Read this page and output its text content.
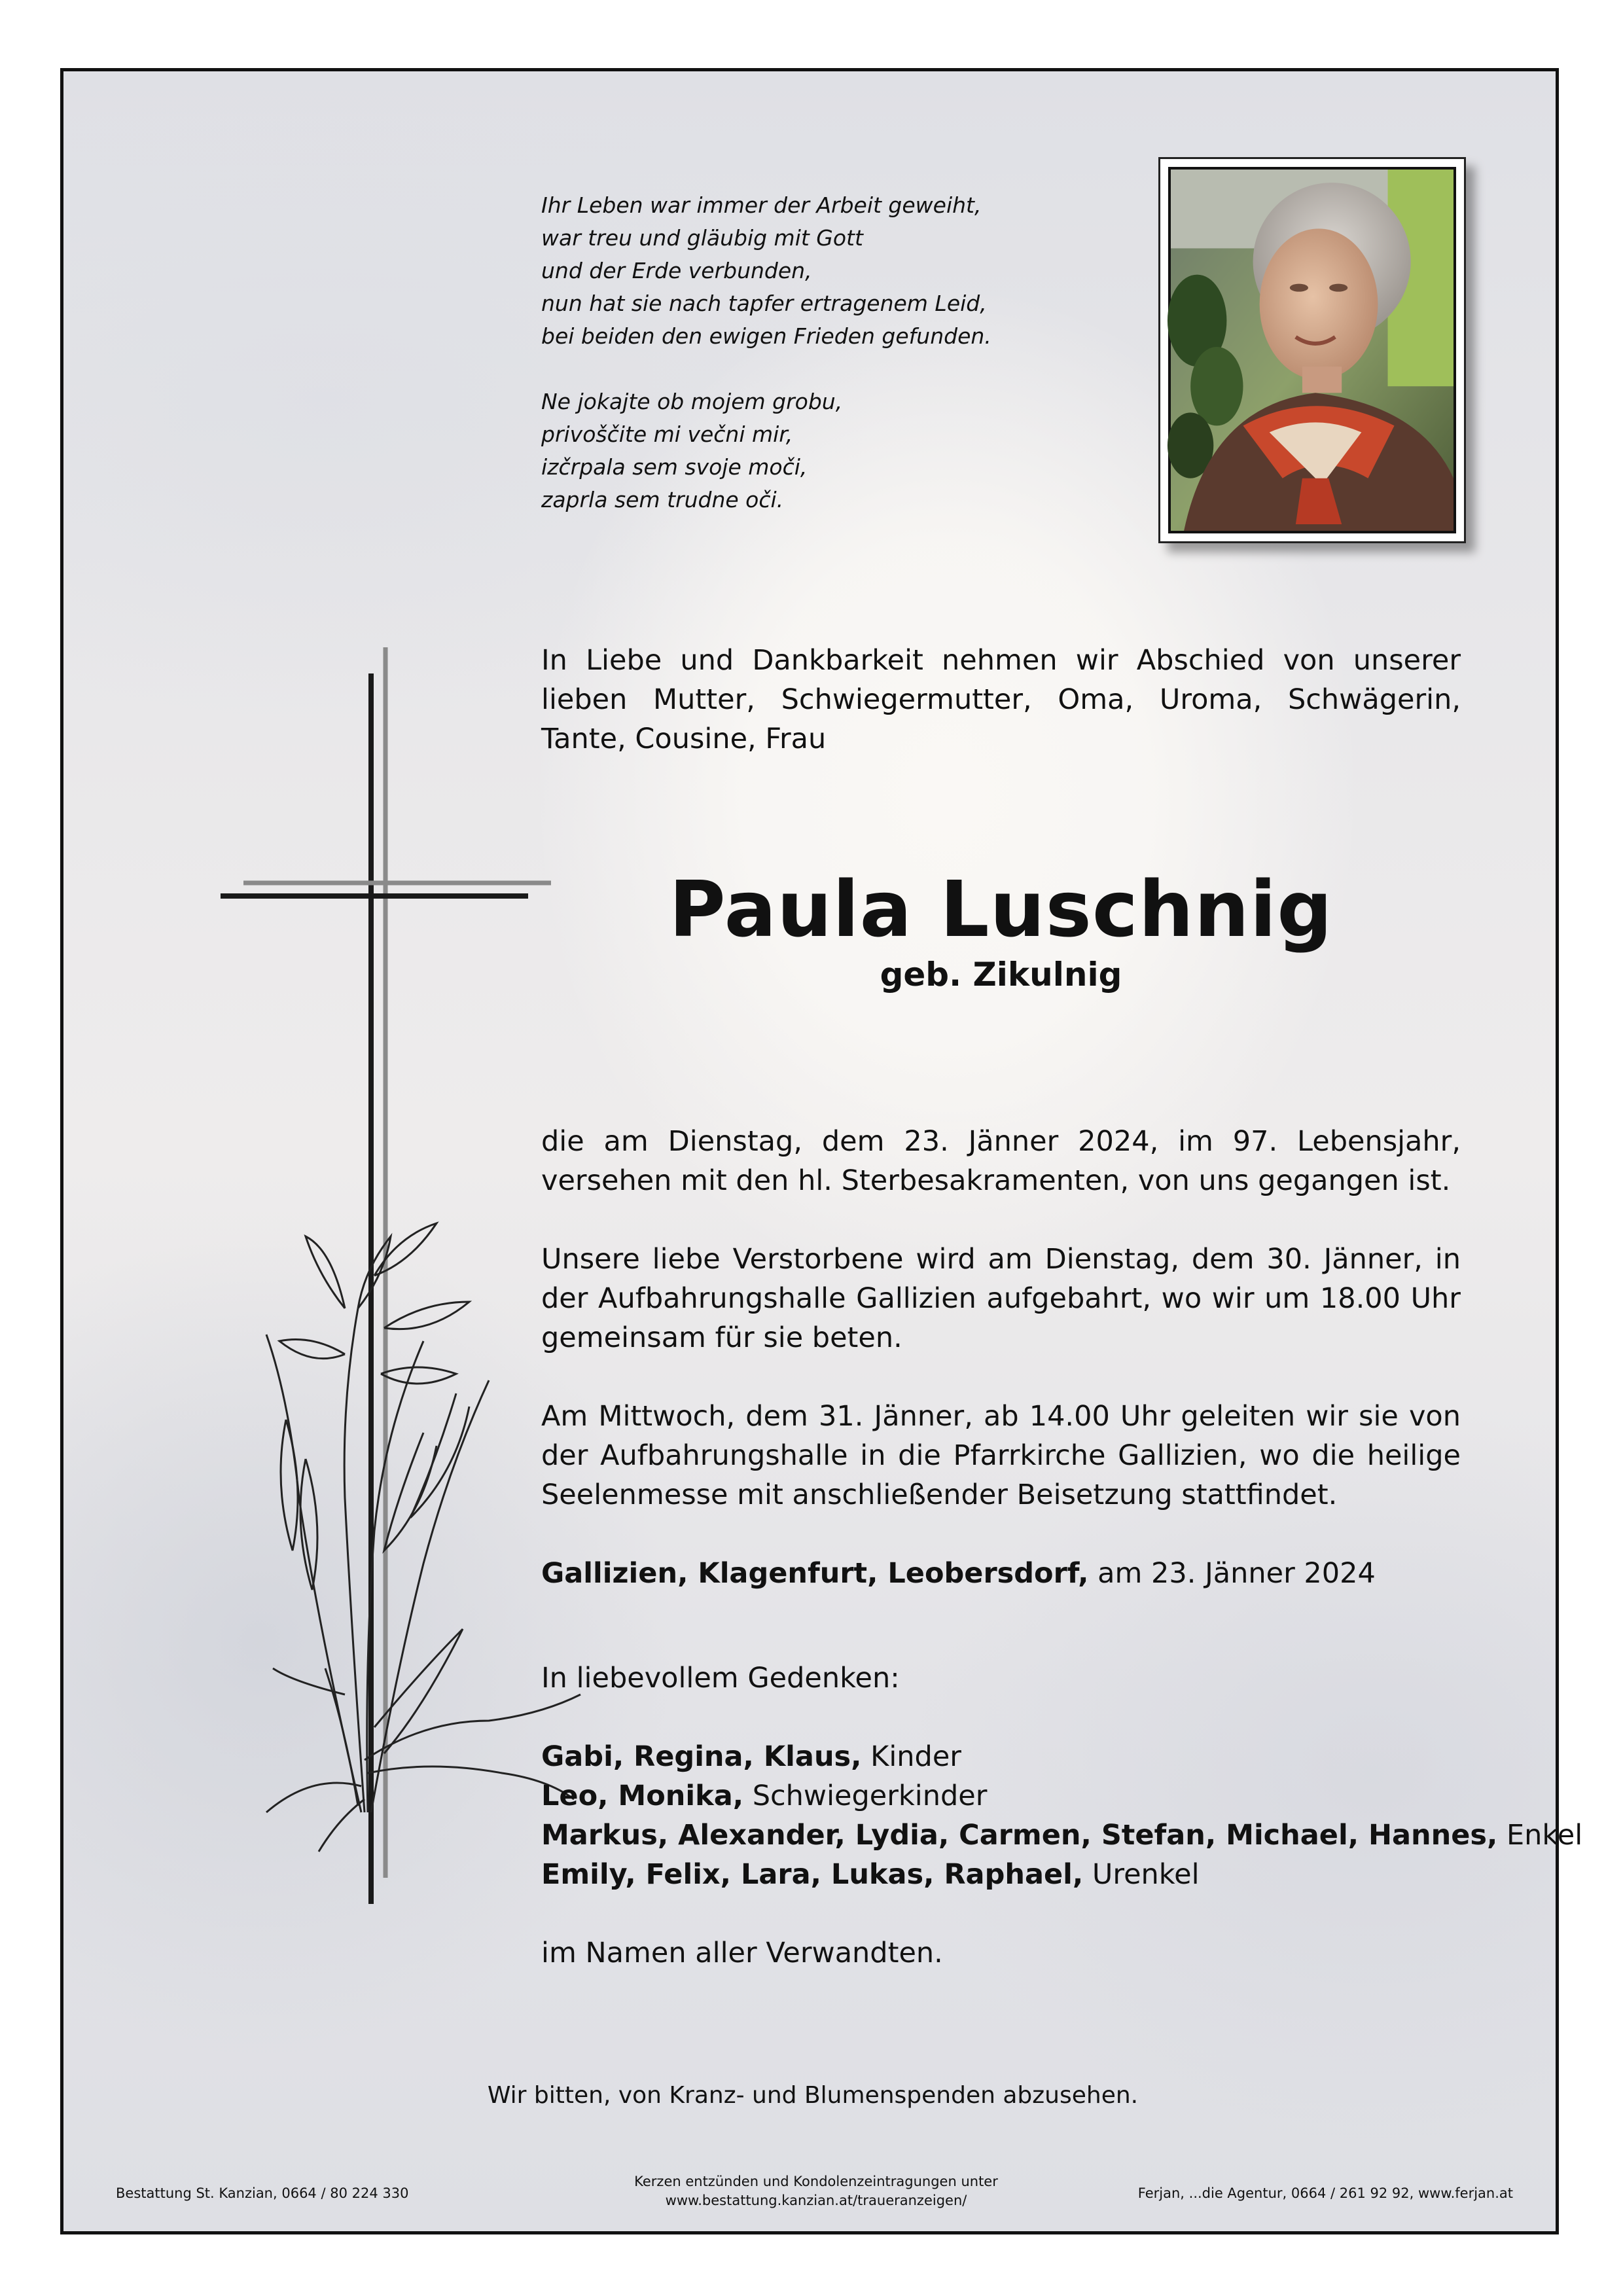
Ihr Leben war immer der Arbeit geweiht,
war treu und gläubig mit Gott
und der Erde verbunden,
nun hat sie nach tapfer ertragenem Leid,
bei beiden den ewigen Frieden gefunden.
Ne jokajte ob mojem grobu,
privoščite mi večni mir,
izčrpala sem svoje moči,
zaprla sem trudne oči.
In Liebe und Dankbarkeit nehmen wir Abschied von unserer lieben Mutter, Schwiegermutter, Oma, Uroma, Schwägerin, Tante, Cousine, Frau
Paula Luschnig
geb. Zikulnig
die am Dienstag, dem 23. Jänner 2024, im 97. Lebensjahr, versehen mit den hl. Sterbesakramenten, von uns gegangen ist.
Unsere liebe Verstorbene wird am Dienstag, dem 30. Jänner, in der Aufbahrungshalle Gallizien aufgebahrt, wo wir um 18.00 Uhr gemeinsam für sie beten.
Am Mittwoch, dem 31. Jänner, ab 14.00 Uhr geleiten wir sie von der Aufbahrungshalle in die Pfarrkirche Gallizien, wo die heilige Seelenmesse mit anschließender Beisetzung stattfindet.
Gallizien, Klagenfurt, Leobersdorf, am 23. Jänner 2024
In liebevollem Gedenken:
Gabi, Regina, Klaus, Kinder
Leo, Monika, Schwiegerkinder
Markus, Alexander, Lydia, Carmen, Stefan, Michael, Hannes, Enkel
Emily, Felix, Lara, Lukas, Raphael, Urenkel
im Namen aller Verwandten.
Wir bitten, von Kranz- und Blumenspenden abzusehen.
Bestattung St. Kanzian, 0664 / 80 224 330
Kerzen entzünden und Kondolenzeintragungen unter
www.bestattung.kanzian.at/traueranzeigen/	Ferjan, ...die Agentur, 0664 / 261 92 92, www.ferjan.at
